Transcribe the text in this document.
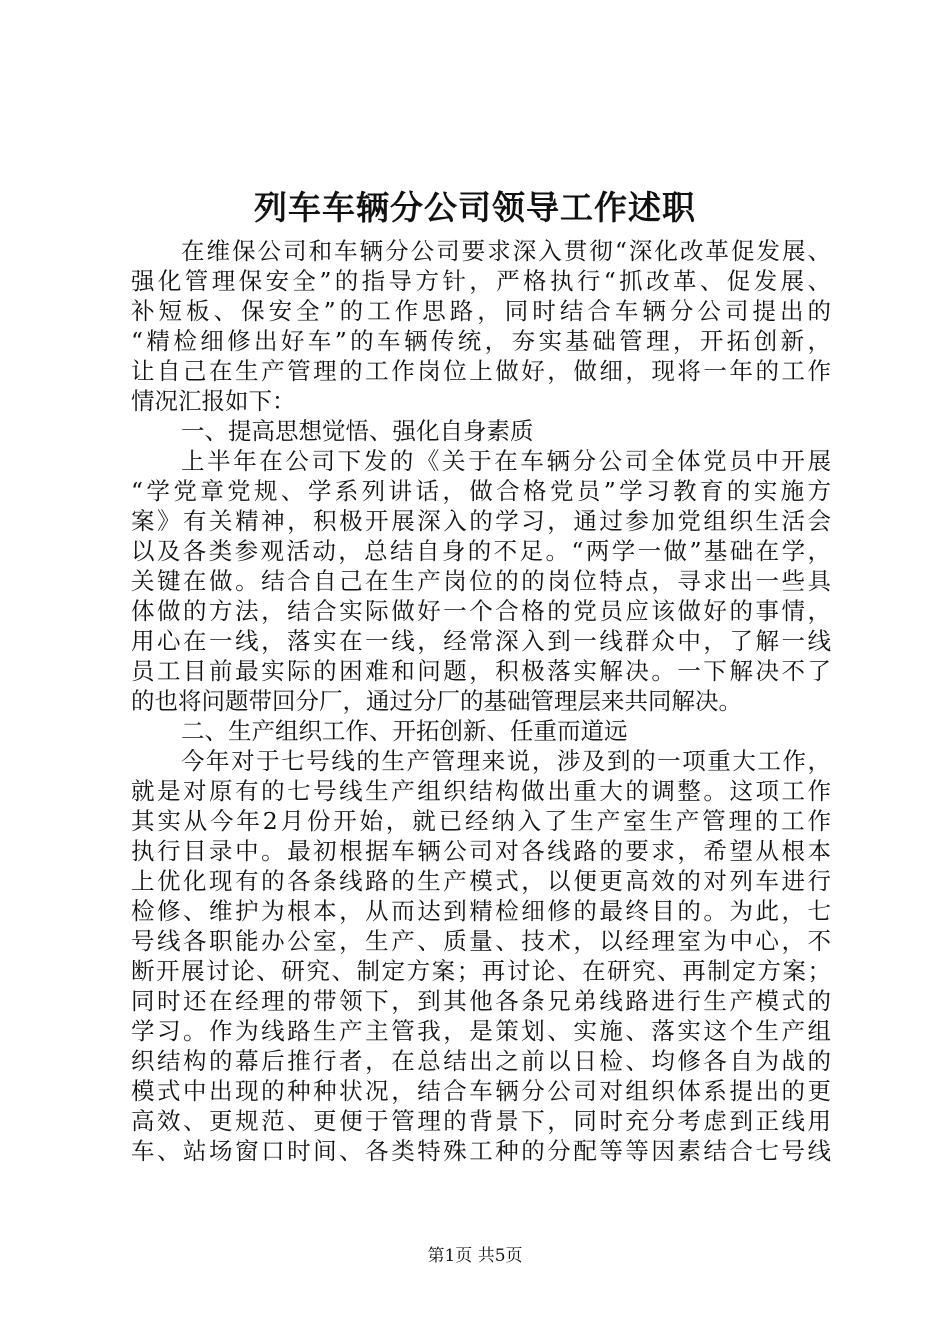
列车车辆分公司领导工作述职
在维保公司和车辆分公司要求深入贯彻“深化改革促发展、
强化管理保安全”的指导方针，严格执行“抓改革、促发展、
补短板、保安全”的工作思路，同时结合车辆分公司提出的
“精检细修出好车”的车辆传统，夯实基础管理，开拓创新，
让自己在生产管理的工作岗位上做好，做细，现将一年的工作
情况汇报如下：
一、提高思想觉悟、强化自身素质
上半年在公司下发的《关于在车辆分公司全体党员中开展
“学党章党规、学系列讲话，做合格党员”学习教育的实施方
案》有关精神，积极开展深入的学习，通过参加党组织生活会
以及各类参观活动，总结自身的不足。“两学一做”基础在学，
关键在做。结合自己在生产岗位的的岗位特点，寻求出一些具
体做的方法，结合实际做好一个合格的党员应该做好的事情，
用心在一线，落实在一线，经常深入到一线群众中，了解一线
员工目前最实际的困难和问题，积极落实解决。一下解决不了
的也将问题带回分厂，通过分厂的基础管理层来共同解决。
二、生产组织工作、开拓创新、任重而道远
今年对于七号线的生产管理来说，涉及到的一项重大工作，
就是对原有的七号线生产组织结构做出重大的调整。这项工作
其实从今年2月份开始，就已经纳入了生产室生产管理的工作
执行目录中。最初根据车辆公司对各线路的要求，希望从根本
上优化现有的各条线路的生产模式，以便更高效的对列车进行
检修、维护为根本，从而达到精检细修的最终目的。为此，七
号线各职能办公室，生产、质量、技术，以经理室为中心，不
断开展讨论、研究、制定方案；再讨论、在研究、再制定方案；
同时还在经理的带领下，到其他各条兄弟线路进行生产模式的
学习。作为线路生产主管我，是策划、实施、落实这个生产组
织结构的幕后推行者，在总结出之前以日检、均修各自为战的
模式中出现的种种状况，结合车辆分公司对组织体系提出的更
高效、更规范、更便于管理的背景下，同时充分考虑到正线用
车、站场窗口时间、各类特殊工种的分配等等因素结合七号线
第1页 共5页
